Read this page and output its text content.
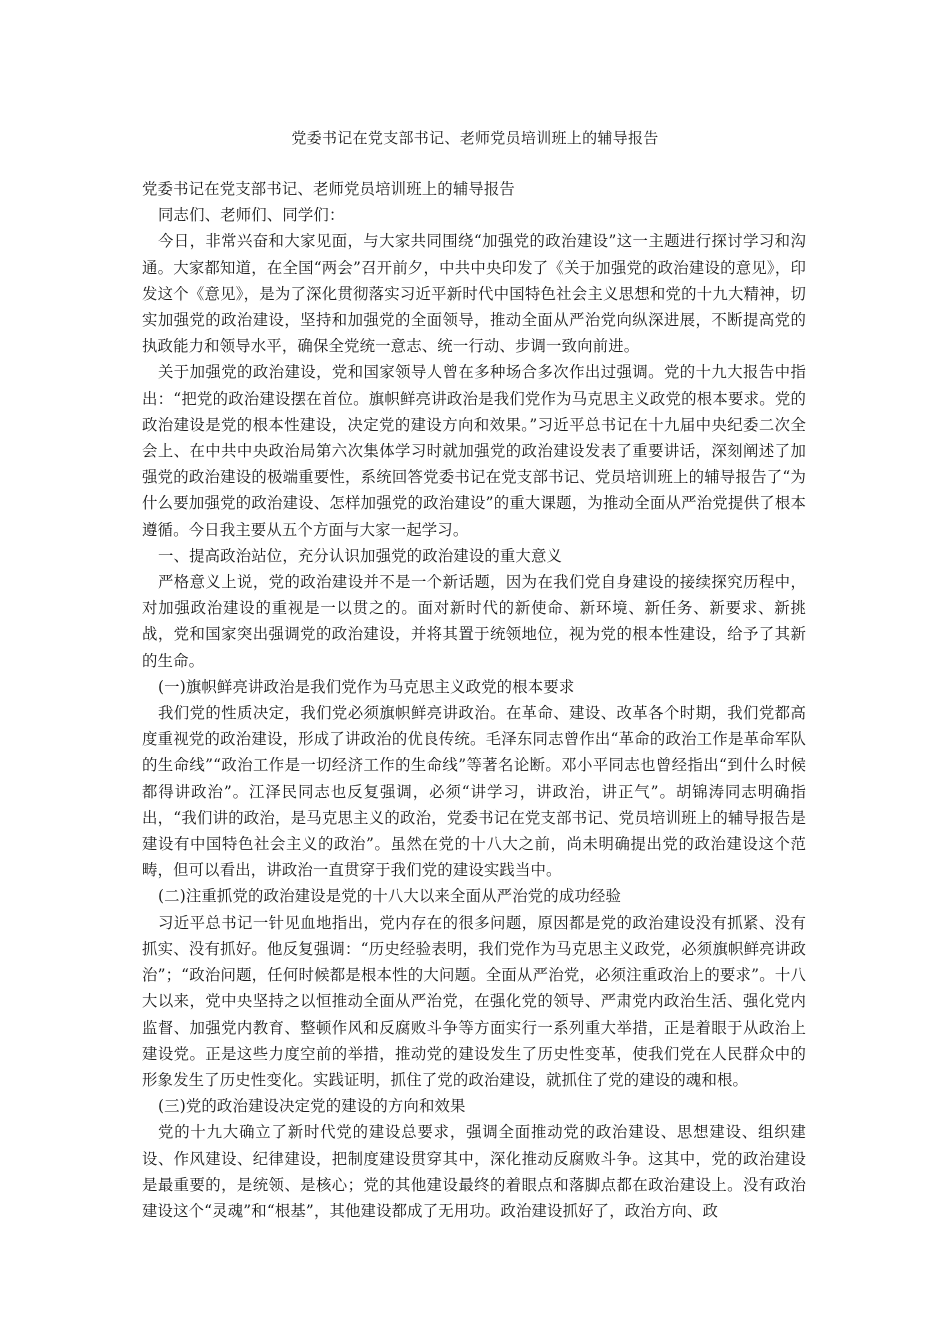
党委书记在党支部书记、老师党员培训班上的辅导报告

党委书记在党支部书记、老师党员培训班上的辅导报告

同志们、老师们、同学们：

今日，非常兴奋和大家见面，与大家共同围绕“加强党的政治建设”这一主题进行探讨学习和沟通。大家都知道，在全国“两会”召开前夕，中共中央印发了《关于加强党的政治建设的意见》，印发这个《意见》，是为了深化贯彻落实习近平新时代中国特色社会主义思想和党的十九大精神，切实加强党的政治建设，坚持和加强党的全面领导，推动全面从严治党向纵深进展，不断提高党的执政能力和领导水平，确保全党统一意志、统一行动、步调一致向前进。

关于加强党的政治建设，党和国家领导人曾在多种场合多次作出过强调。党的十九大报告中指出：“把党的政治建设摆在首位。旗帜鲜亮讲政治是我们党作为马克思主义政党的根本要求。党的政治建设是党的根本性建设，决定党的建设方向和效果。”习近平总书记在十九届中央纪委二次全会上、在中共中央政治局第六次集体学习时就加强党的政治建设发表了重要讲话，深刻阐述了加强党的政治建设的极端重要性，系统回答党委书记在党支部书记、党员培训班上的辅导报告了“为什么要加强党的政治建设、怎样加强党的政治建设”的重大课题，为推动全面从严治党提供了根本遵循。今日我主要从五个方面与大家一起学习。

一、提高政治站位，充分认识加强党的政治建设的重大意义

严格意义上说，党的政治建设并不是一个新话题，因为在我们党自身建设的接续探究历程中，对加强政治建设的重视是一以贯之的。面对新时代的新使命、新环境、新任务、新要求、新挑战，党和国家突出强调党的政治建设，并将其置于统领地位，视为党的根本性建设，给予了其新的生命。

(一)旗帜鲜亮讲政治是我们党作为马克思主义政党的根本要求

我们党的性质决定，我们党必须旗帜鲜亮讲政治。在革命、建设、改革各个时期，我们党都高度重视党的政治建设，形成了讲政治的优良传统。毛泽东同志曾作出“革命的政治工作是革命军队的生命线”“政治工作是一切经济工作的生命线”等著名论断。邓小平同志也曾经指出“到什么时候都得讲政治”。江泽民同志也反复强调，必须“讲学习，讲政治，讲正气”。胡锦涛同志明确指出，“我们讲的政治，是马克思主义的政治，党委书记在党支部书记、党员培训班上的辅导报告是建设有中国特色社会主义的政治”。虽然在党的十八大之前，尚未明确提出党的政治建设这个范畴，但可以看出，讲政治一直贯穿于我们党的建设实践当中。

(二)注重抓党的政治建设是党的十八大以来全面从严治党的成功经验

习近平总书记一针见血地指出，党内存在的很多问题，原因都是党的政治建设没有抓紧、没有抓实、没有抓好。他反复强调：“历史经验表明，我们党作为马克思主义政党，必须旗帜鲜亮讲政治”；“政治问题，任何时候都是根本性的大问题。全面从严治党，必须注重政治上的要求”。十八大以来，党中央坚持之以恒推动全面从严治党，在强化党的领导、严肃党内政治生活、强化党内监督、加强党内教育、整顿作风和反腐败斗争等方面实行一系列重大举措，正是着眼于从政治上建设党。正是这些力度空前的举措，推动党的建设发生了历史性变革，使我们党在人民群众中的形象发生了历史性变化。实践证明，抓住了党的政治建设，就抓住了党的建设的魂和根。

(三)党的政治建设决定党的建设的方向和效果

党的十九大确立了新时代党的建设总要求，强调全面推动党的政治建设、思想建设、组织建设、作风建设、纪律建设，把制度建设贯穿其中，深化推动反腐败斗争。这其中，党的政治建设是最重要的，是统领、是核心；党的其他建设最终的着眼点和落脚点都在政治建设上。没有政治建设这个“灵魂”和“根基”，其他建设都成了无用功。政治建设抓好了，政治方向、政
